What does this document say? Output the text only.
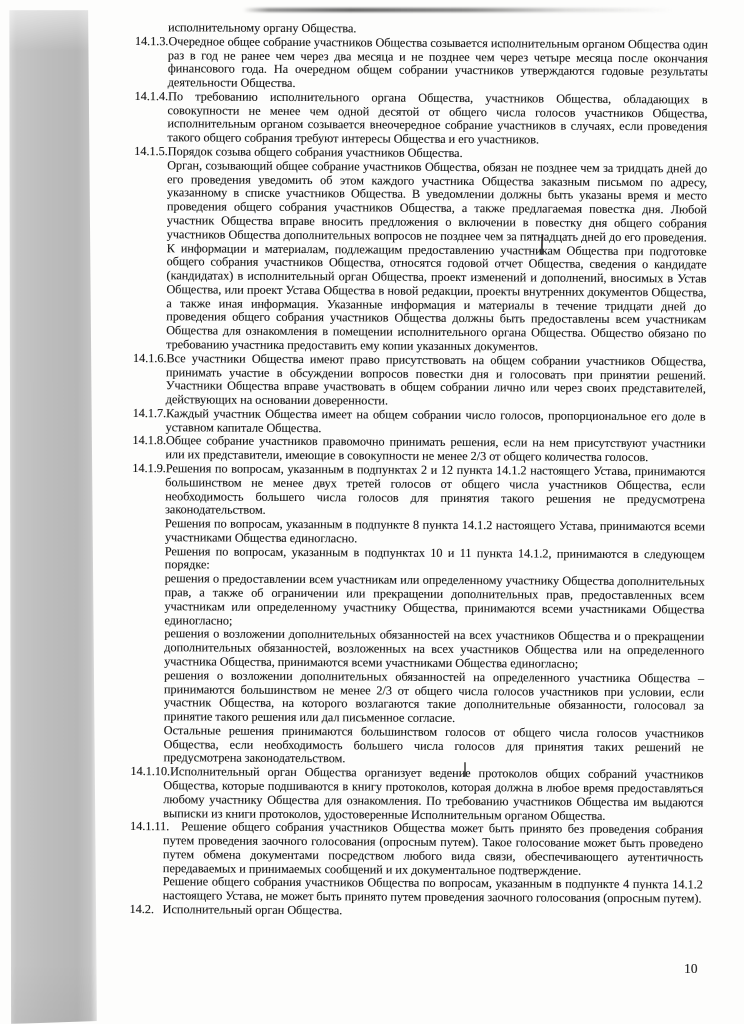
исполнительному органу Общества.

14.1.3.Очередное общее собрание участников Общества созывается исполнительным органом Общества один раз в год не ранее чем через два месяца и не позднее чем через четыре месяца после окончания финансового года. На очередном общем собрании участников утверждаются годовые результаты деятельности Общества.

14.1.4.По требованию исполнительного органа Общества, участников Общества, обладающих в совокупности не менее чем одной десятой от общего числа голосов участников Общества, исполнительным органом созывается внеочередное собрание участников в случаях, если проведения такого общего собрания требуют интересы Общества и его участников.

14.1.5.Порядок созыва общего собрания участников Общества.

Орган, созывающий общее собрание участников Общества, обязан не позднее чем за тридцать дней до его проведения уведомить об этом каждого участника Общества заказным письмом по адресу, указанному в списке участников Общества. В уведомлении должны быть указаны время и место проведения общего собрания участников Общества, а также предлагаемая повестка дня. Любой участник Общества вправе вносить предложения о включении в повестку дня общего собрания участников Общества дополнительных вопросов не позднее чем за пятнадцать дней до его проведения. К информации и материалам, подлежащим предоставлению участникам Общества при подготовке общего собрания участников Общества, относятся годовой отчет Общества, сведения о кандидате (кандидатах) в исполнительный орган Общества, проект изменений и дополнений, вносимых в Устав Общества, или проект Устава Общества в новой редакции, проекты внутренних документов Общества, а также иная информация. Указанные информация и материалы в течение тридцати дней до проведения общего собрания участников Общества должны быть предоставлены всем участникам Общества для ознакомления в помещении исполнительного органа Общества. Общество обязано по требованию участника предоставить ему копии указанных документов.

14.1.6.Все участники Общества имеют право присутствовать на общем собрании участников Общества, принимать участие в обсуждении вопросов повестки дня и голосовать при принятии решений. Участники Общества вправе участвовать в общем собрании лично или через своих представителей, действующих на основании доверенности.

14.1.7.Каждый участник Общества имеет на общем собрании число голосов, пропорциональное его доле в уставном капитале Общества.

14.1.8.Общее собрание участников правомочно принимать решения, если на нем присутствуют участники или их представители, имеющие в совокупности не менее 2/3 от общего количества голосов.

14.1.9.Решения по вопросам, указанным в подпунктах 2 и 12 пункта 14.1.2 настоящего Устава, принимаются большинством не менее двух третей голосов от общего числа участников Общества, если необходимость большего числа голосов для принятия такого решения не предусмотрена законодательством.

Решения по вопросам, указанным в подпункте 8 пункта 14.1.2 настоящего Устава, принимаются всеми участниками Общества единогласно.

Решения по вопросам, указанным в подпунктах 10 и 11 пункта 14.1.2, принимаются в следующем порядке:

решения о предоставлении всем участникам или определенному участнику Общества дополнительных прав, а также об ограничении или прекращении дополнительных прав, предоставленных всем участникам или определенному участнику Общества, принимаются всеми участниками Общества единогласно;

решения о возложении дополнительных обязанностей на всех участников Общества и о прекращении дополнительных обязанностей, возложенных на всех участников Общества или на определенного участника Общества, принимаются всеми участниками Общества единогласно;

решения о возложении дополнительных обязанностей на определенного участника Общества – принимаются большинством не менее 2/3 от общего числа голосов участников при условии, если участник Общества, на которого возлагаются такие дополнительные обязанности, голосовал за принятие такого решения или дал письменное согласие.

Остальные решения принимаются большинством голосов от общего числа голосов участников Общества, если необходимость большего числа голосов для принятия таких решений не предусмотрена законодательством.

14.1.10.Исполнительный орган Общества организует ведение протоколов общих собраний участников Общества, которые подшиваются в книгу протоколов, которая должна в любое время предоставляться любому участнику Общества для ознакомления. По требованию участников Общества им выдаются выписки из книги протоколов, удостоверенные Исполнительным органом Общества.

14.1.11. Решение общего собрания участников Общества может быть принято без проведения собрания путем проведения заочного голосования (опросным путем). Такое голосование может быть проведено путем обмена документами посредством любого вида связи, обеспечивающего аутентичность передаваемых и принимаемых сообщений и их документальное подтверждение.

Решение общего собрания участников Общества по вопросам, указанным в подпункте 4 пункта 14.1.2 настоящего Устава, не может быть принято путем проведения заочного голосования (опросным путем).

14.2. Исполнительный орган Общества.

10
